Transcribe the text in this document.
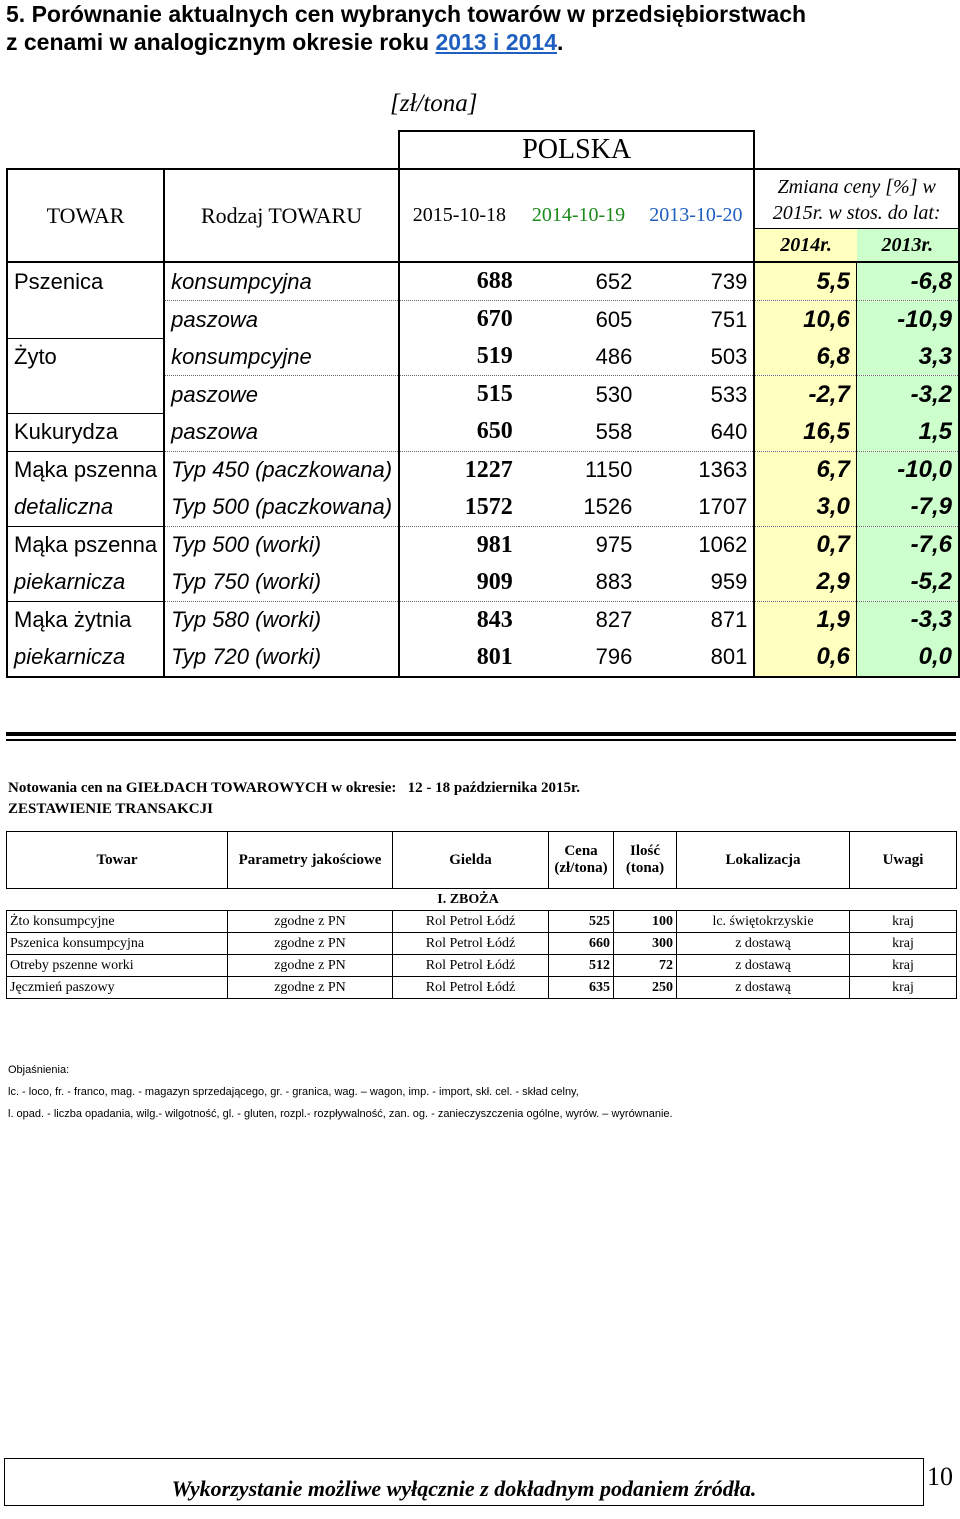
5. Porównanie aktualnych cen wybranych towarów w przedsiębiorstwach
z cenami w analogicznym okresie roku 2013 i 2014.
[zł/tona]
		POLSKA				
TOWAR	Rodzaj TOWARU	2015-10-18	2014-10-19	2013-10-20	Zmiana ceny [%] w 2015r. w stos. do lat:
2014r. 2013r.	

Pszenica	konsumpcyjna	688	652	739	5,5	-6,8
	paszowa	670	605	751	10,6	-10,9
Żyto	konsumpcyjne	519	486	503	6,8	3,3
	paszowe	515	530	533	-2,7	-3,2
Kukurydza	paszowa	650	558	640	16,5	1,5
Mąka pszenna	Typ 450 (paczkowana)	1227	1150	1363	6,7	-10,0
detaliczna	Typ 500 (paczkowana)	1572	1526	1707	3,0	-7,9
Mąka pszenna	Typ 500 (worki)	981	975	1062	0,7	-7,6
piekarnicza	Typ 750 (worki)	909	883	959	2,9	-5,2
Mąka żytnia	Typ 580 (worki)	843	827	871	1,9	-3,3
piekarnicza	Typ 720 (worki)	801	796	801	0,6	0,0
Notowania cen na GIEŁDACH TOWAROWYCH w okresie: 12 - 18 października 2015r.
ZESTAWIENIE TRANSAKCJI
Towar	Parametry jakościowe	Gielda	Cena (zł/tona)	Ilość (tona)	Lokalizacja	Uwagi
I. ZBOŻA						
Żto konsumpcyjne	zgodne z PN	Rol Petrol Łódź	525	100	lc. świętokrzyskie	kraj
Pszenica konsumpcyjna	zgodne z PN	Rol Petrol Łódź	660	300	z dostawą	kraj
Otreby pszenne worki	zgodne z PN	Rol Petrol Łódź	512	72	z dostawą	kraj
Jęczmień paszowy	zgodne z PN	Rol Petrol Łódź	635	250	z dostawą	kraj
Objaśnienia:
lc. - loco, fr. - franco, mag. - magazyn sprzedającego, gr. - granica, wag. – wagon, imp. - import, skł. cel. - skład celny,
l. opad. - liczba opadania, wilg.- wilgotność, gl. - gluten, rozpl.- rozpływalność, zan. og. - zanieczyszczenia ogólne, wyrów. – wyrównanie.
Wykorzystanie możliwe wyłącznie z dokładnym podaniem źródła.	10
